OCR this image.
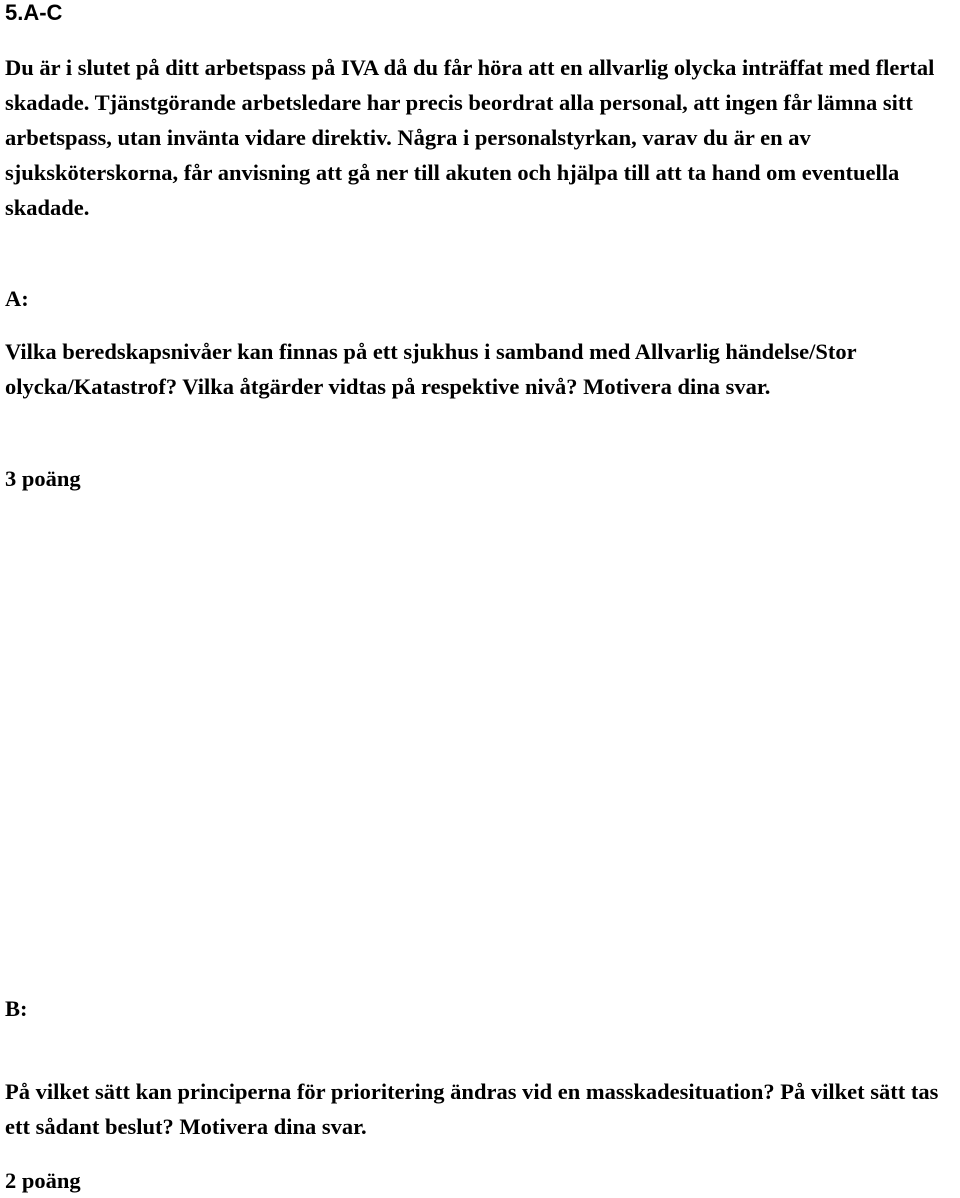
5.A-C

Du är i slutet på ditt arbetspass på IVA då du får höra att en allvarlig olycka inträffat med flertal skadade. Tjänstgörande arbetsledare har precis beordrat alla personal, att ingen får lämna sitt arbetspass, utan invänta vidare direktiv. Några i personalstyrkan, varav du är en av sjuksköterskorna, får anvisning att gå ner till akuten och hjälpa till att ta hand om eventuella skadade.

A:

Vilka beredskapsnivåer kan finnas på ett sjukhus i samband med Allvarlig händelse/Stor olycka/Katastrof? Vilka åtgärder vidtas på respektive nivå? Motivera dina svar.

3 poäng

B:

På vilket sätt kan principerna för prioritering ändras vid en masskadesituation? På vilket sätt tas ett sådant beslut? Motivera dina svar.

2 poäng
